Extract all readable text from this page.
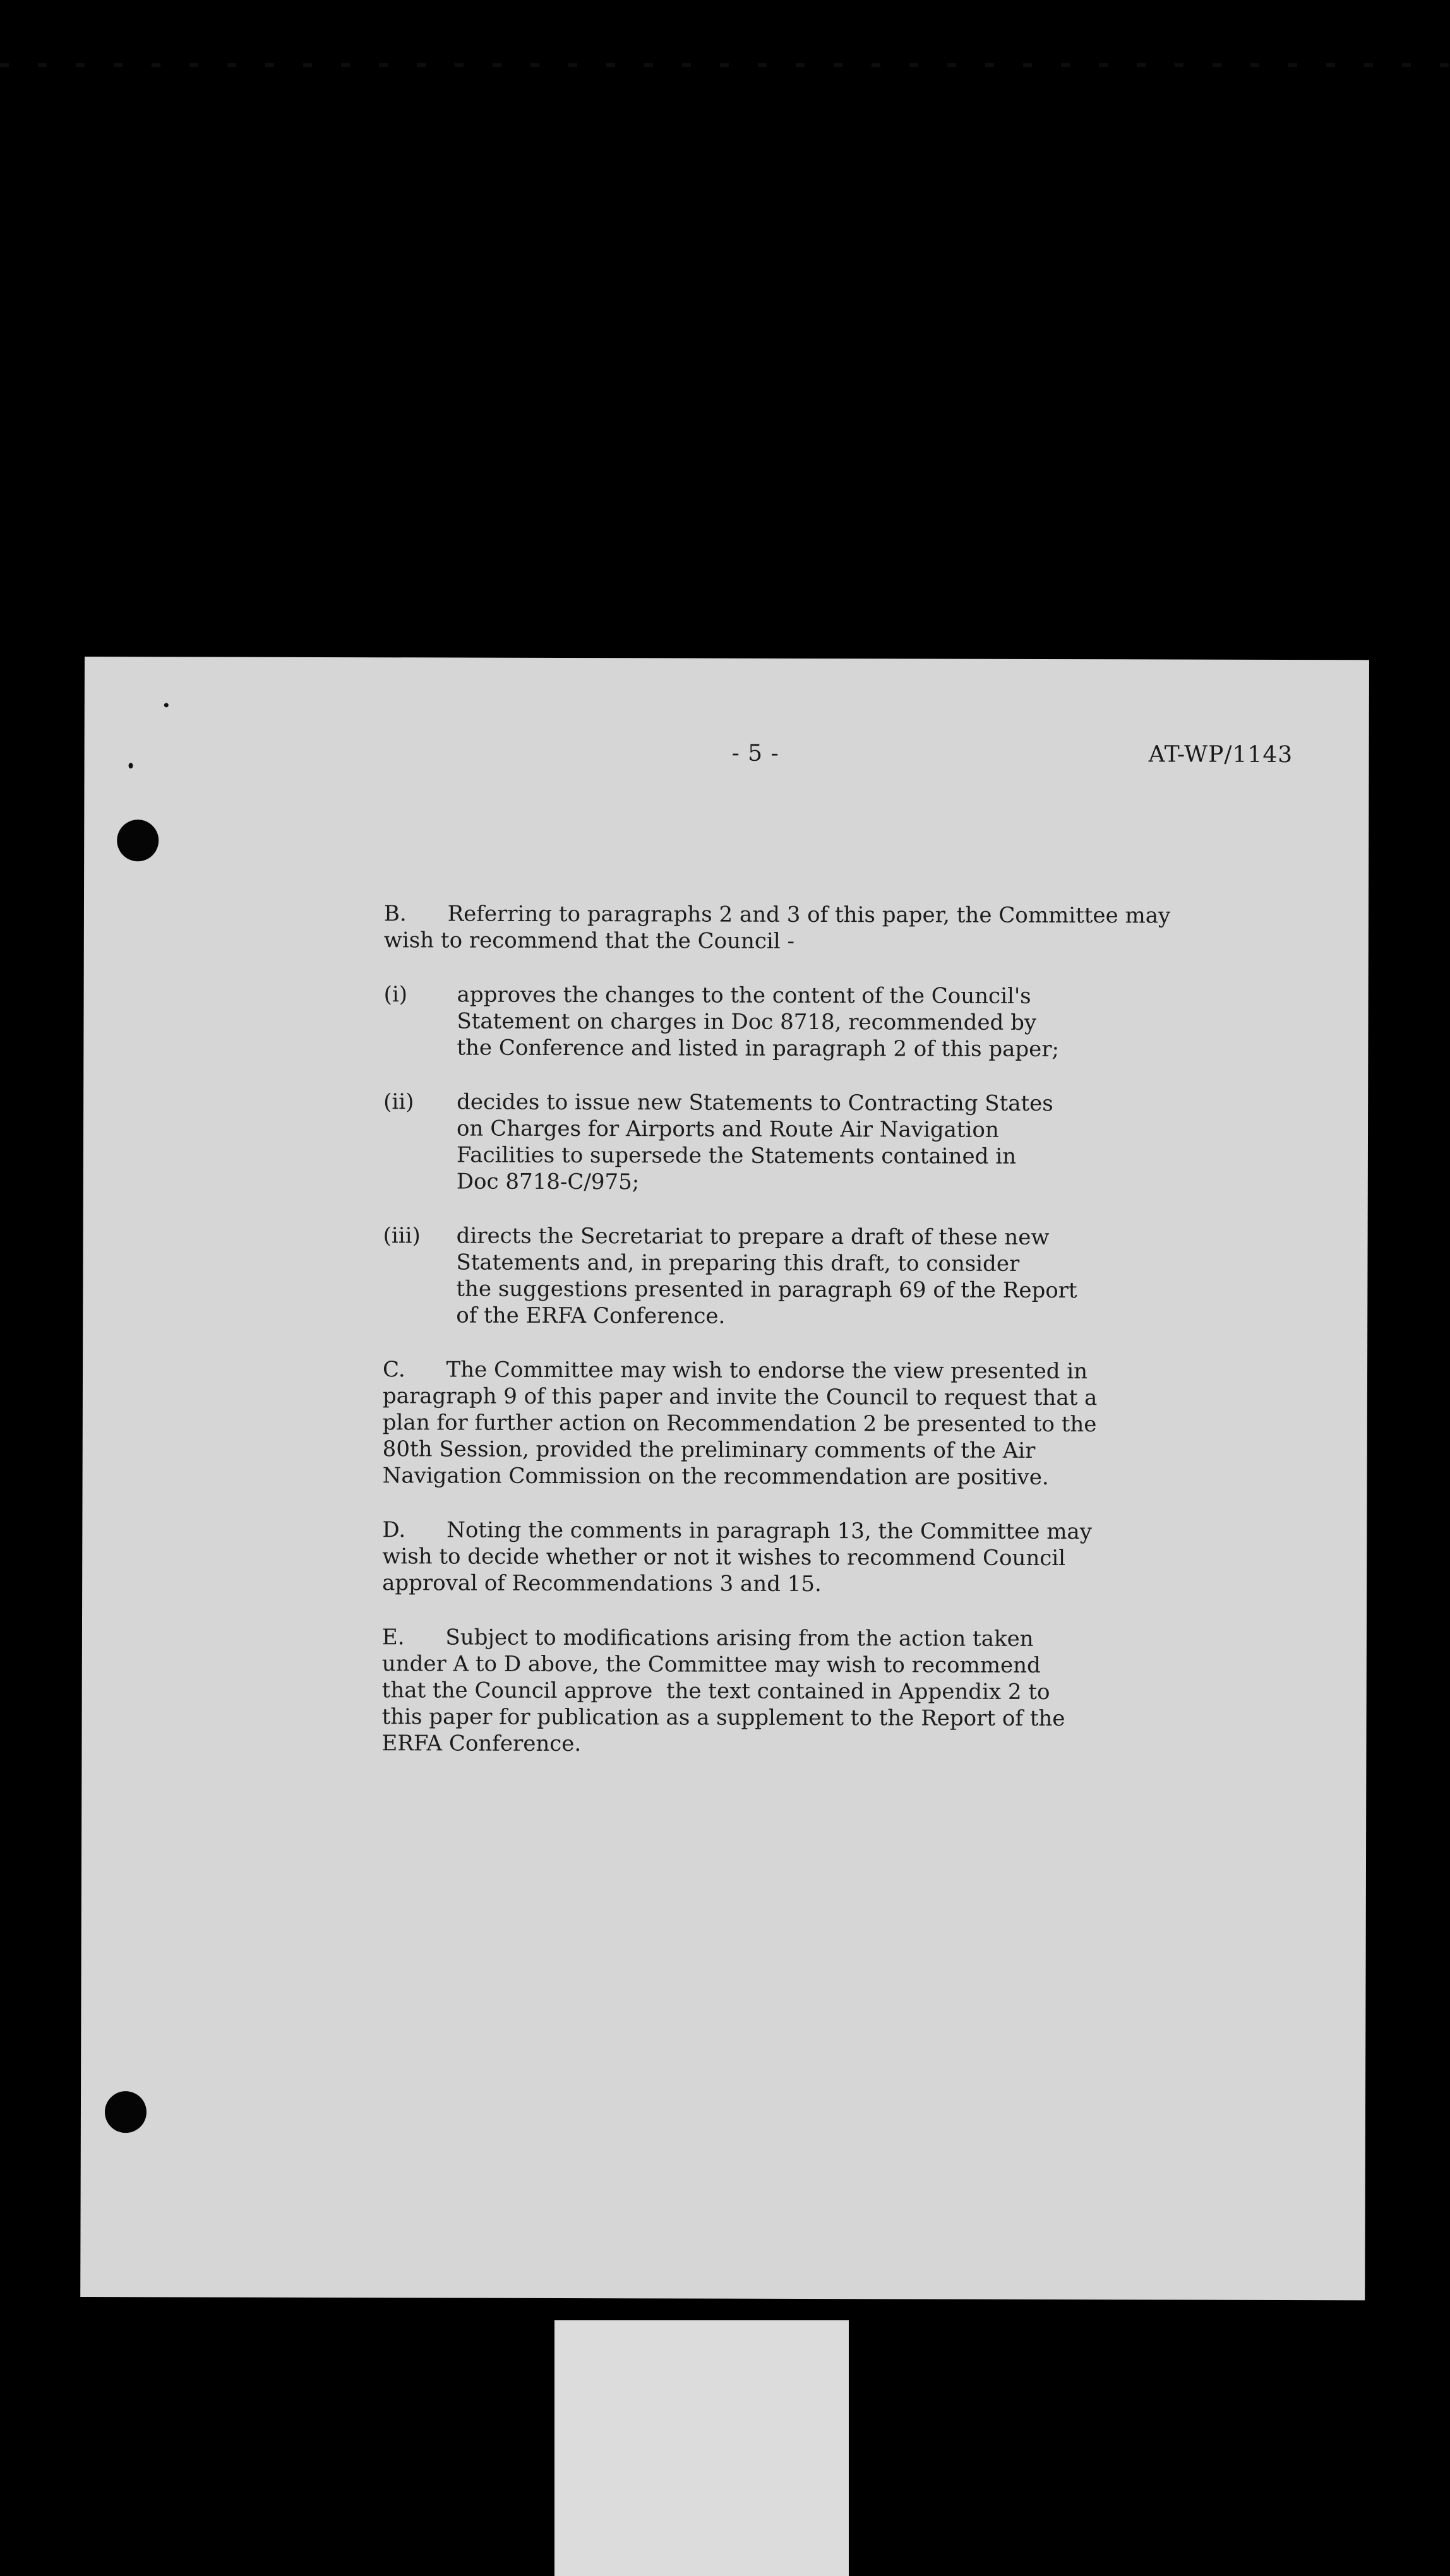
- 5 -	AT-WP/1143

B. Referring to paragraphs 2 and 3 of this paper, the Committee may
wish to recommend that the Council -

(i)	approves the changes to the content of the Council's
Statement on charges in Doc 8718, recommended by
the Conference and listed in paragraph 2 of this paper;
(ii)	decides to issue new Statements to Contracting States
on Charges for Airports and Route Air Navigation
Facilities to supersede the Statements contained in
Doc 8718-C/975;
(iii)	directs the Secretariat to prepare a draft of these new
Statements and, in preparing this draft, to consider
the suggestions presented in paragraph 69 of the Report
of the ERFA Conference.

C. The Committee may wish to endorse the view presented in
paragraph 9 of this paper and invite the Council to request that a
plan for further action on Recommendation 2 be presented to the
80th Session, provided the preliminary comments of the Air
Navigation Commission on the recommendation are positive.

D. Noting the comments in paragraph 13, the Committee may
wish to decide whether or not it wishes to recommend Council
approval of Recommendations 3 and 15.

E. Subject to modifications arising from the action taken
under A to D above, the Committee may wish to recommend
that the Council approve  the text contained in Appendix 2 to
this paper for publication as a supplement to the Report of the
ERFA Conference.
